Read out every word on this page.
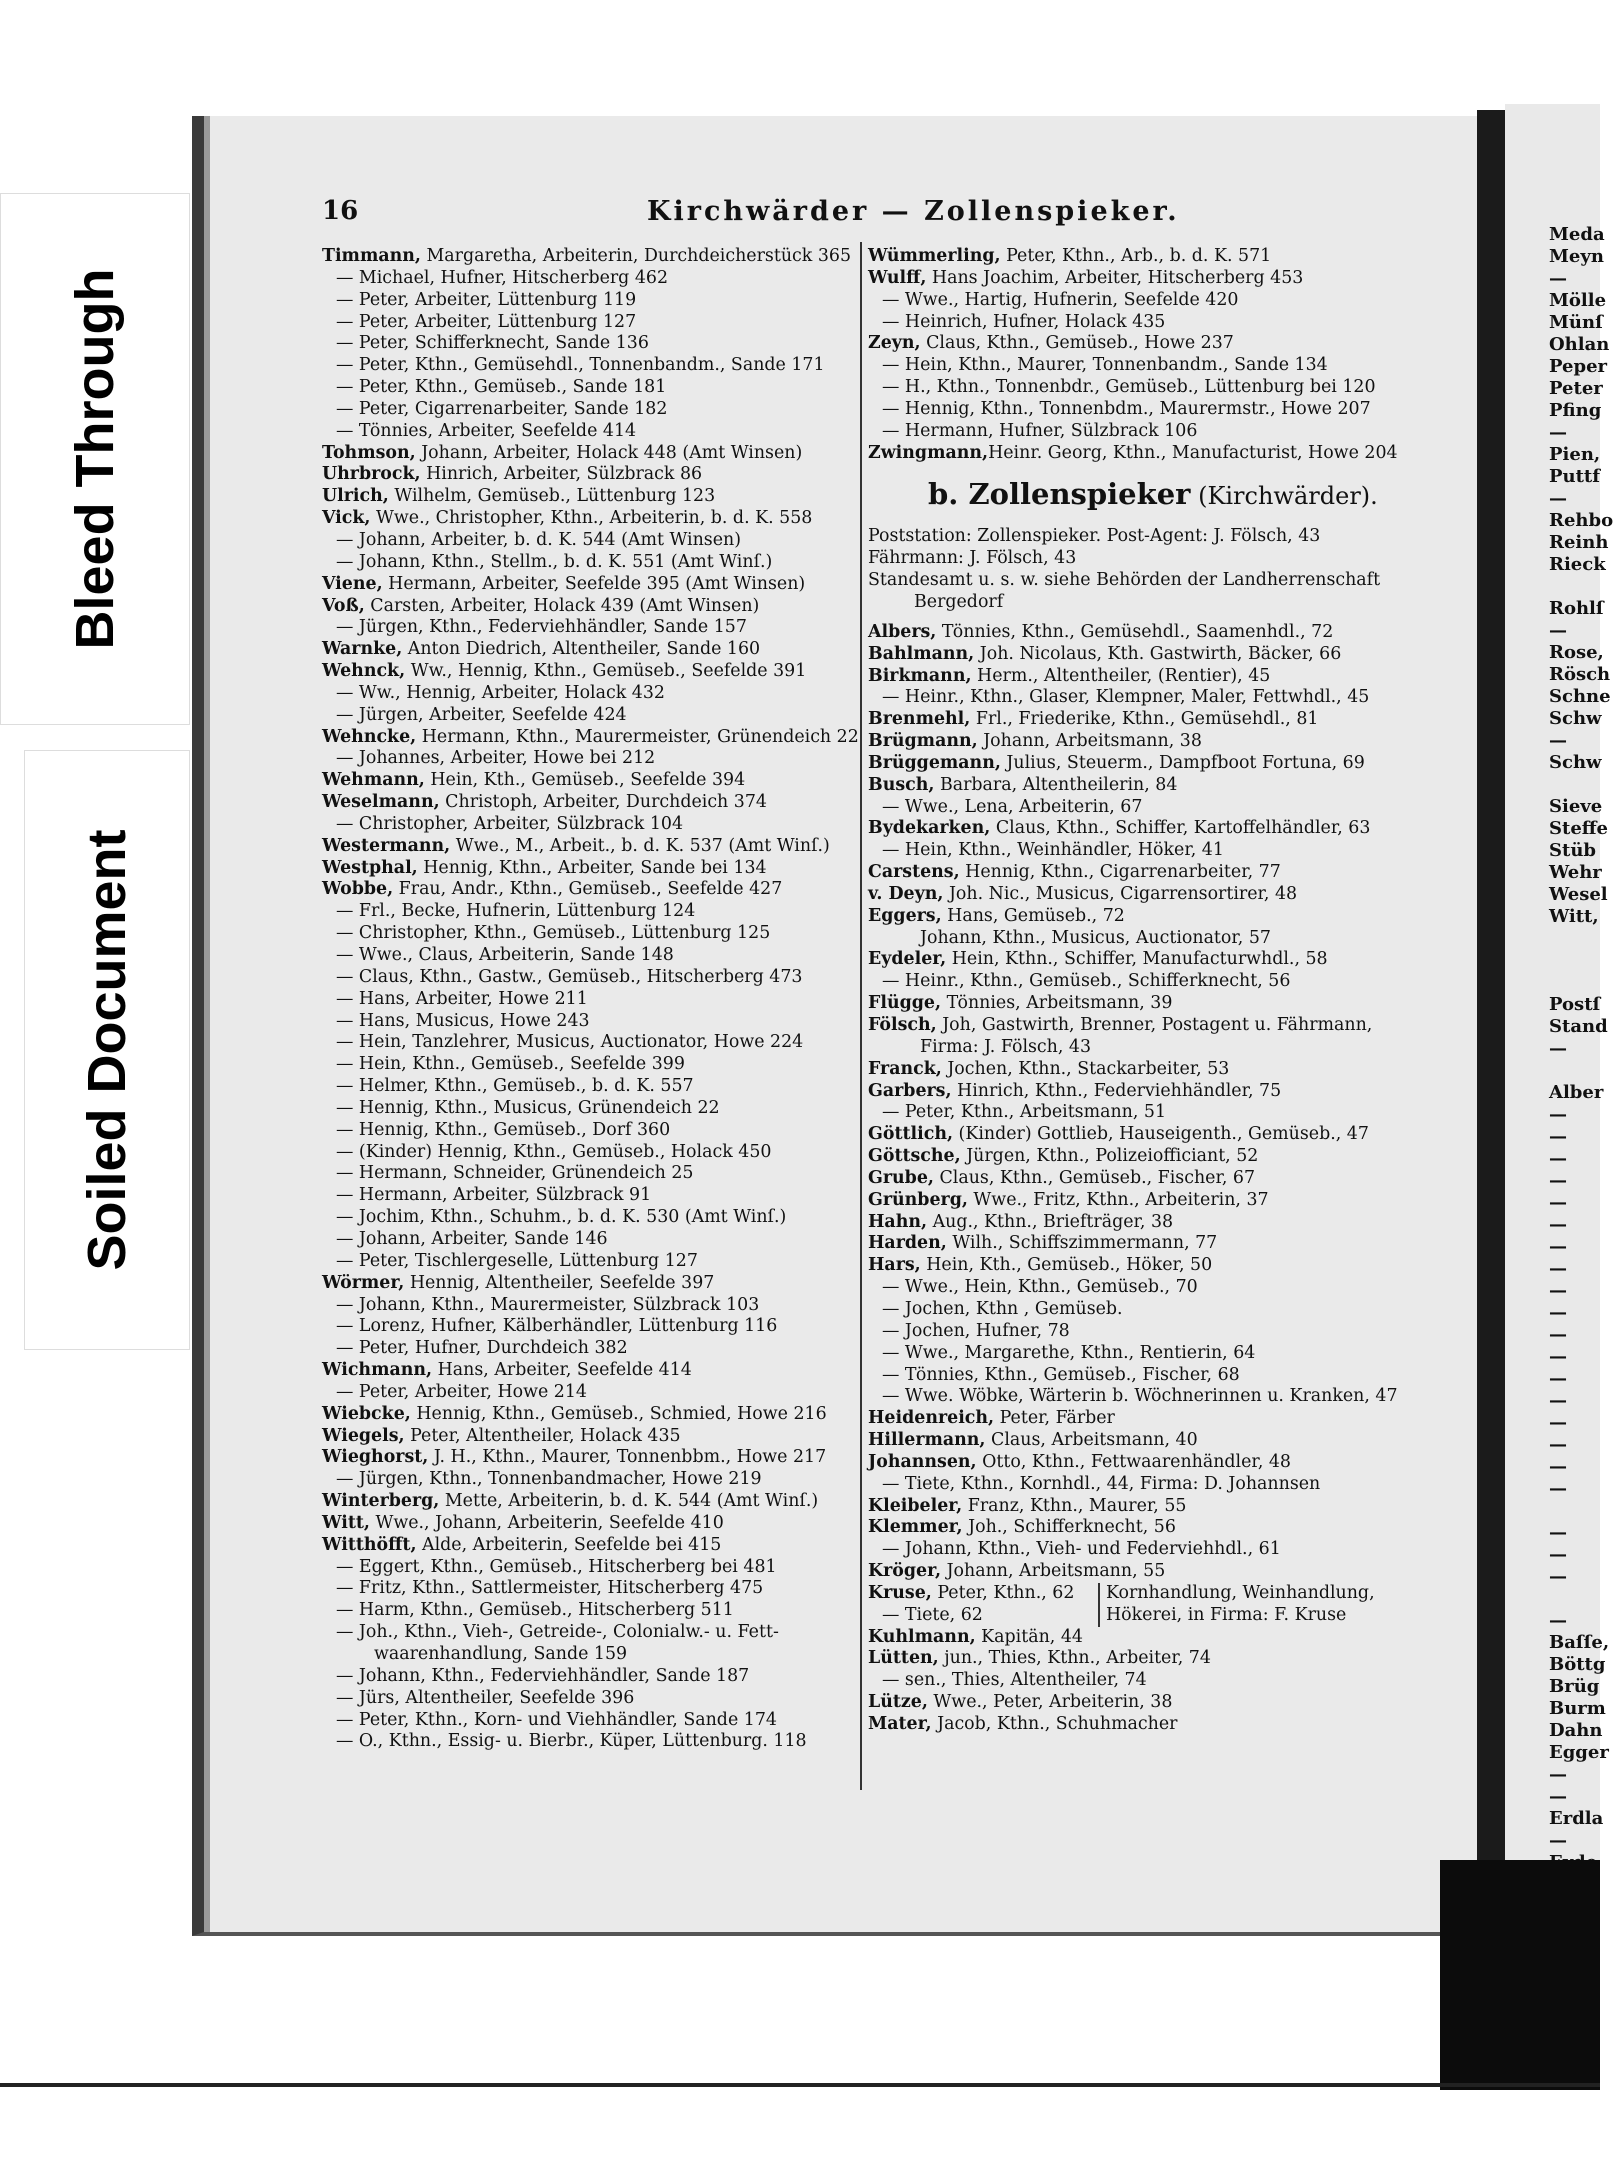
Bleed Through
Soiled Document
Meda
Meyn
—
Mölle
Münſ
Ohlan
Peper
Peter
Pfing
—
Pien,
Puttf
—
Rehbo
Reinh
Rieck
Rohlſ
—
Rose,
Rösch
Schne
Schw
—
Schw
Sieve
Steffe
Stüb
Wehr
Wesel
Witt,
Postſ
Stand
—
Alber
—
—
—
—
—
—
—
—
—
—
—
—
—
—
—
—
—
—
—
—
—
—
Baſſe,
Böttg
Brüg
Burm
Dahn
Egger
—
—
Erdla
—
16	Kirchwärder — Zollenspieker.
Timmann, Margaretha, Arbeiterin, Durchdeicherstück 365
— Michael, Hufner, Hitscherberg 462
— Peter, Arbeiter, Lüttenburg 119
— Peter, Arbeiter, Lüttenburg 127
— Peter, Schifferknecht, Sande 136
— Peter, Kthn., Gemüsehdl., Tonnenbandm., Sande 171
— Peter, Kthn., Gemüseb., Sande 181
— Peter, Cigarrenarbeiter, Sande 182
— Tönnies, Arbeiter, Seefelde 414
Tohmson, Johann, Arbeiter, Holack 448 (Amt Winsen)
Uhrbrock, Hinrich, Arbeiter, Sülzbrack 86
Ulrich, Wilhelm, Gemüseb., Lüttenburg 123
Vick, Wwe., Christopher, Kthn., Arbeiterin, b. d. K. 558
— Johann, Arbeiter, b. d. K. 544 (Amt Winsen)
— Johann, Kthn., Stellm., b. d. K. 551 (Amt Winſ.)
Viene, Hermann, Arbeiter, Seefelde 395 (Amt Winsen)
Voß, Carsten, Arbeiter, Holack 439 (Amt Winsen)
— Jürgen, Kthn., Federviehhändler, Sande 157
Warnke, Anton Diedrich, Altentheiler, Sande 160
Wehnck, Ww., Hennig, Kthn., Gemüseb., Seefelde 391
— Ww., Hennig, Arbeiter, Holack 432
— Jürgen, Arbeiter, Seefelde 424
Wehncke, Hermann, Kthn., Maurermeister, Grünendeich 22
— Johannes, Arbeiter, Howe bei 212
Wehmann, Hein, Kth., Gemüseb., Seefelde 394
Weselmann, Christoph, Arbeiter, Durchdeich 374
— Christopher, Arbeiter, Sülzbrack 104
Westermann, Wwe., M., Arbeit., b. d. K. 537 (Amt Winſ.)
Westphal, Hennig, Kthn., Arbeiter, Sande bei 134
Wobbe, Frau, Andr., Kthn., Gemüseb., Seefelde 427
— Frl., Becke, Hufnerin, Lüttenburg 124
— Christopher, Kthn., Gemüseb., Lüttenburg 125
— Wwe., Claus, Arbeiterin, Sande 148
— Claus, Kthn., Gastw., Gemüseb., Hitscherberg 473
— Hans, Arbeiter, Howe 211
— Hans, Musicus, Howe 243
— Hein, Tanzlehrer, Musicus, Auctionator, Howe 224
— Hein, Kthn., Gemüseb., Seefelde 399
— Helmer, Kthn., Gemüseb., b. d. K. 557
— Hennig, Kthn., Musicus, Grünendeich 22
— Hennig, Kthn., Gemüseb., Dorf 360
— (Kinder) Hennig, Kthn., Gemüseb., Holack 450
— Hermann, Schneider, Grünendeich 25
— Hermann, Arbeiter, Sülzbrack 91
— Jochim, Kthn., Schuhm., b. d. K. 530 (Amt Winſ.)
— Johann, Arbeiter, Sande 146
— Peter, Tischlergeselle, Lüttenburg 127
Wörmer, Hennig, Altentheiler, Seefelde 397
— Johann, Kthn., Maurermeister, Sülzbrack 103
— Lorenz, Hufner, Kälberhändler, Lüttenburg 116
— Peter, Hufner, Durchdeich 382
Wichmann, Hans, Arbeiter, Seefelde 414
— Peter, Arbeiter, Howe 214
Wiebcke, Hennig, Kthn., Gemüseb., Schmied, Howe 216
Wiegels, Peter, Altentheiler, Holack 435
Wieghorst, J. H., Kthn., Maurer, Tonnenbbm., Howe 217
— Jürgen, Kthn., Tonnenbandmacher, Howe 219
Winterberg, Mette, Arbeiterin, b. d. K. 544 (Amt Winſ.)
Witt, Wwe., Johann, Arbeiterin, Seefelde 410
Witthöfft, Alde, Arbeiterin, Seefelde bei 415
— Eggert, Kthn., Gemüseb., Hitscherberg bei 481
— Fritz, Kthn., Sattlermeister, Hitscherberg 475
— Harm, Kthn., Gemüseb., Hitscherberg 511
— Joh., Kthn., Vieh-, Getreide-, Colonialw.- u. Fett-
waarenhandlung, Sande 159
— Johann, Kthn., Federviehhändler, Sande 187
— Jürs, Altentheiler, Seefelde 396
— Peter, Kthn., Korn- und Viehhändler, Sande 174
— O., Kthn., Essig- u. Bierbr., Küper, Lüttenburg. 118
Wümmerling, Peter, Kthn., Arb., b. d. K. 571
Wulff, Hans Joachim, Arbeiter, Hitscherberg 453
— Wwe., Hartig, Hufnerin, Seefelde 420
— Heinrich, Hufner, Holack 435
Zeyn, Claus, Kthn., Gemüseb., Howe 237
— Hein, Kthn., Maurer, Tonnenbandm., Sande 134
— H., Kthn., Tonnenbdr., Gemüseb., Lüttenburg bei 120
— Hennig, Kthn., Tonnenbdm., Maurermstr., Howe 207
— Hermann, Hufner, Sülzbrack 106
Zwingmann,Heinr. Georg, Kthn., Manufacturist, Howe 204
b. Zollenspieker (Kirchwärder).
Poststation: Zollenspieker. Post-Agent: J. Fölsch, 43
Fährmann: J. Fölsch, 43
Standesamt u. s. w. siehe Behörden der Landherrenschaft
Bergedorf
Albers, Tönnies, Kthn., Gemüsehdl., Saamenhdl., 72
Bahlmann, Joh. Nicolaus, Kth. Gastwirth, Bäcker, 66
Birkmann, Herm., Altentheiler, (Rentier), 45
— Heinr., Kthn., Glaser, Klempner, Maler, Fettwhdl., 45
Brenmehl, Frl., Friederike, Kthn., Gemüsehdl., 81
Brügmann, Johann, Arbeitsmann, 38
Brüggemann, Julius, Steuerm., Dampfboot Fortuna, 69
Busch, Barbara, Altentheilerin, 84
— Wwe., Lena, Arbeiterin, 67
Bydekarken, Claus, Kthn., Schiffer, Kartoffelhändler, 63
— Hein, Kthn., Weinhändler, Höker, 41
Carstens, Hennig, Kthn., Cigarrenarbeiter, 77
v. Deyn, Joh. Nic., Musicus, Cigarrensortirer, 48
Eggers, Hans, Gemüseb., 72
Johann, Kthn., Musicus, Auctionator, 57
Eydeler, Hein, Kthn., Schiffer, Manufacturwhdl., 58
— Heinr., Kthn., Gemüseb., Schifferknecht, 56
Flügge, Tönnies, Arbeitsmann, 39
Fölsch, Joh, Gastwirth, Brenner, Postagent u. Fährmann,
Firma: J. Fölsch, 43
Franck, Jochen, Kthn., Stackarbeiter, 53
Garbers, Hinrich, Kthn., Federviehhändler, 75
— Peter, Kthn., Arbeitsmann, 51
Göttlich, (Kinder) Gottlieb, Hauseigenth., Gemüseb., 47
Göttsche, Jürgen, Kthn., Polizeiofficiant, 52
Grube, Claus, Kthn., Gemüseb., Fischer, 67
Grünberg, Wwe., Fritz, Kthn., Arbeiterin, 37
Hahn, Aug., Kthn., Briefträger, 38
Harden, Wilh., Schiffszimmermann, 77
Hars, Hein, Kth., Gemüseb., Höker, 50
— Wwe., Hein, Kthn., Gemüseb., 70
— Jochen, Kthn , Gemüseb.
— Jochen, Hufner, 78
— Wwe., Margarethe, Kthn., Rentierin, 64
— Tönnies, Kthn., Gemüseb., Fischer, 68
— Wwe. Wöbke, Wärterin b. Wöchnerinnen u. Kranken, 47
Heidenreich, Peter, Färber
Hillermann, Claus, Arbeitsmann, 40
Johannsen, Otto, Kthn., Fettwaarenhändler, 48
— Tiete, Kthn., Kornhdl., 44, Firma: D. Johannsen
Kleibeler, Franz, Kthn., Maurer, 55
Klemmer, Joh., Schifferknecht, 56
— Johann, Kthn., Vieh- und Federviehhdl., 61
Kröger, Johann, Arbeitsmann, 55
Kruse, Peter, Kthn., 62	Kornhandlung, Weinhandlung,
— Tiete, 62	Hökerei, in Firma: F. Kruse
Kuhlmann, Kapitän, 44
Lütten, jun., Thies, Kthn., Arbeiter, 74
— sen., Thies, Altentheiler, 74
Lütze, Wwe., Peter, Arbeiterin, 38
Mater, Jacob, Kthn., Schuhmacher
